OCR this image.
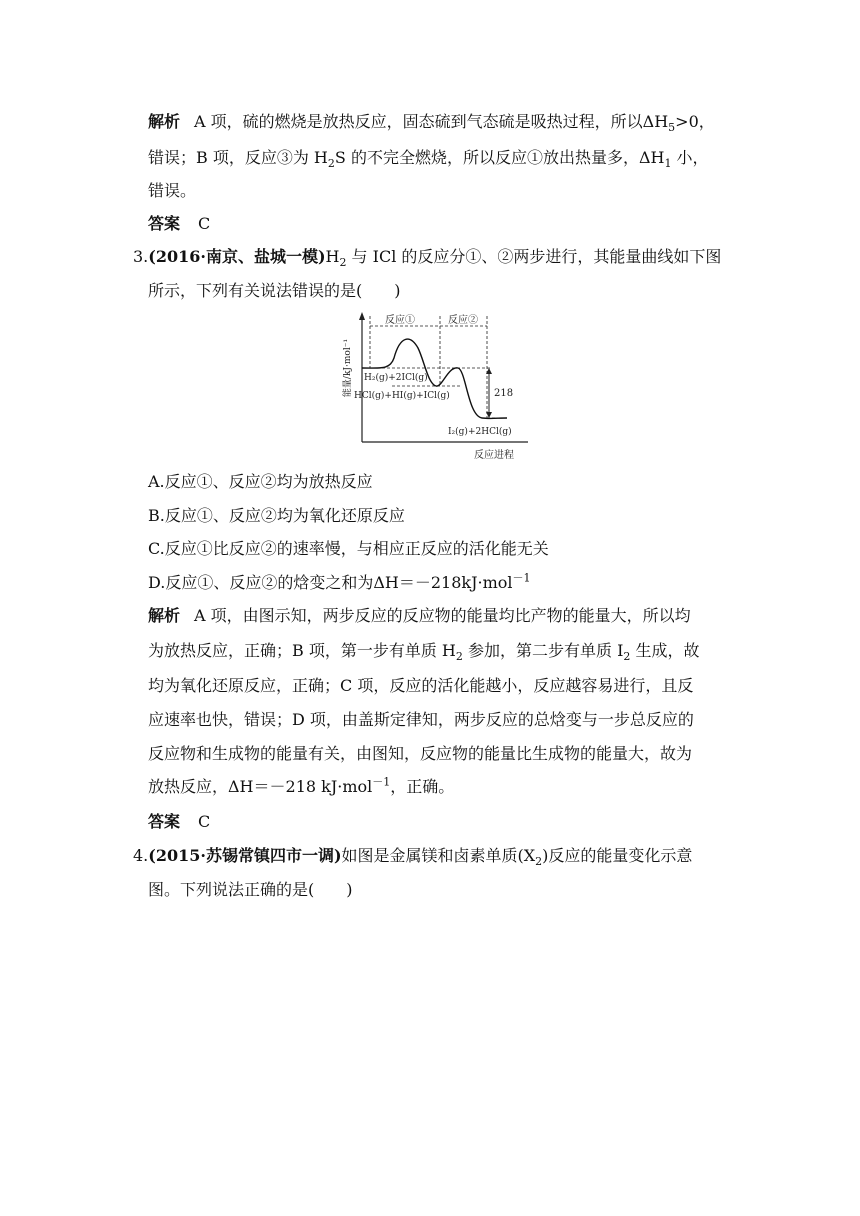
解析 A 项，硫的燃烧是放热反应，固态硫到气态硫是吸热过程，所以$\Delta H_5>0$，
错误；B 项，反应③为 $H_2S$ 的不完全燃烧，所以反应①放出热量多，$\Delta H_1$ 小，
错误。
答案 C
3.(2016·南京、盐城一模)$H_2$ 与 ICl 的反应分①、②两步进行，其能量曲线如下图
所示，下列有关说法错误的是(　　)
能量/kJ·mol⁻¹
反应进程
反应①	反应②
218
H₂(g)+2ICl(g)
HCl(g)+HI(g)+ICl(g)
I₂(g)+2HCl(g)
A.反应①、反应②均为放热反应
B.反应①、反应②均为氧化还原反应
C.反应①比反应②的速率慢，与相应正反应的活化能无关
D.反应①、反应②的焓变之和为ΔH＝－218kJ·mol$^{-1}$
解析 A 项，由图示知，两步反应的反应物的能量均比产物的能量大，所以均
为放热反应，正确；B 项，第一步有单质 $H_2$ 参加，第二步有单质 $I_2$ 生成，故
均为氧化还原反应，正确；C 项，反应的活化能越小，反应越容易进行，且反
应速率也快，错误；D 项，由盖斯定律知，两步反应的总焓变与一步总反应的
反应物和生成物的能量有关，由图知，反应物的能量比生成物的能量大，故为
放热反应，ΔH＝－218 kJ·mol$^{-1}$，正确。
答案 C
4.(2015·苏锡常镇四市一调)如图是金属镁和卤素单质$(X_2)$反应的能量变化示意
图。下列说法正确的是(　　)
